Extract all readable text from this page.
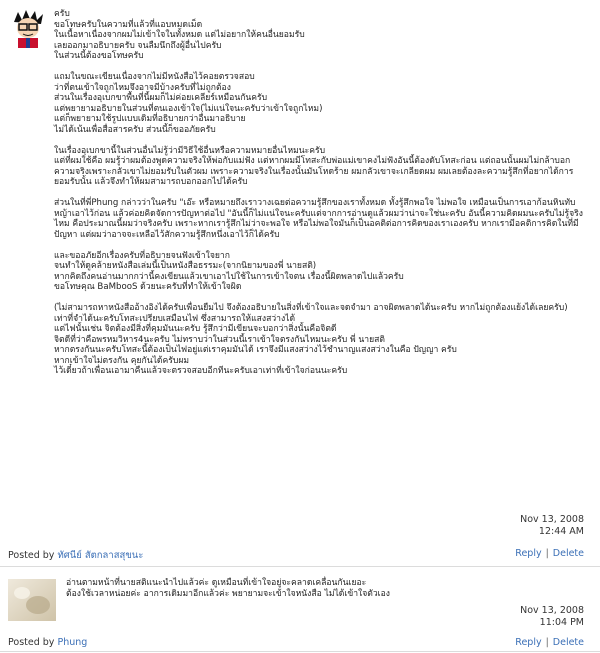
ครับ
ขอโทษครับในความที่แล้วที่แอบหมดเม็ด
ในเนื้อหาเนื่องจากผมไม่เข้าใจในทั้งหมด แต่ไม่อยากให้คนอื่นยอมรับ
เลยออกมาอธิบายครับ จนลืมนึกถึงผู้อื่นไปครับ
ในส่วนนี้ต้องขอโทษครับ

แถมในขณะเขียนเนื่องจากไม่มีหนังสือไว้คอยตรวจสอบ
ว่าที่ตนเข้าใจถูกไหมจึงอาจมีบ้างครับที่ไม่ถูกต้อง
ส่วนในเรื่องอุเบกขาพื้นที่นี้ผมก็ไม่ค่อยเคลียร์เหมือนกันครับ
แต่พยายามอธิบายในส่วนที่ตนเองเข้าใจ(ไม่แน่ใจนะครับว่าเข้าใจถูกไหม)
แต่ก็พยายามใช้รูปแบบเดิมที่อธิบายกว่าอื่นมาอธิบาย
ไม่ได้เน้นเพื่อสื่อสารครับ ส่วนนี้ก็ขออภัยครับ

ในเรื่องอุเบกขานี้ในส่วนอื่นไม่รู้ว่ามีวิธีใช้อื่นหรือความหมายอื่นไหมนะครับ
แต่ที่ผมใช้คือ ผมรู้ว่าผมต้องพูดความจริงให้พ่อกับแม่ฟัง แต่หากผมมีโทสะกับพ่อแม่เขาคงไม่ฟังอันนี้ต้องดับโทสะก่อน แต่ถอนนั้นผมไม่กล้าบอกความจริงเพราะกลัวเขาไม่ยอมรับในตัวผม เพราะความจริงในเรื่องนั้นมันโหดร้าย ผมกลัวเขาจะเกลียดผม ผมเลยต้องละความรู้สึกที่อยากได้การยอมรับนั้น แล้วจึงทำให้ผมสามารถบอกออกไปได้ครับ

ส่วนในที่พี่Phung กล่าวว่าในครับ "เอ๊ะ หรือหมายถึงเราวางเฉยต่อความรู้สึกของเราทั้งหมด ทั้งรู้สึกพอใจ ไม่พอใจ เหมือนเป็นการเอาก้อนหินทับหญ้าเอาไว้ก่อน แล้วค่อยคิดจัดการปัญหาต่อไป "อันนี้ก็ไม่แน่ใจนะครับแต่จากการอ่านดูแล้วผมว่าน่าจะใช่นะครับ อันนี้ความคิดผมนะครับไม่รู้จริงไหม คือประมาณนี้ผมว่าจริงครับ เพราะหากเรารู้สึกไม่ว่าจะพอใจ หรือไม่พอใจมันก็เป็นอคติต่อการคิดของเราเองครับ หากเรามีอคติการคิดในที่มีปัญหา แต่ผมว่าอาจจะเหลือไว้สักความรู้สึกหนึ่งเอาไว้ก็ได้ครับ

และขออภัยอีกเรื่องครับที่อธิบายจนฟังเข้าใจยาก
จนทำให้ดูคล้ายหนังสือเล่มนี้เป็นหนังสือธรรมะ(จากนิยามของพี่ นายสติ)
หากคิดถึงคนอ่านมากกว่านี้คงเขียนแล้วเขาเอาไปใช้ในการเข้าใจตน เรื่องนี้ผิดพลาดไปแล้วครับ
ขอโทษคุณ BaMbooS ด้วยนะครับที่ทำให้เข้าใจผิด

(ไม่สามารถหาหนังสืออ้างอิงได้ครับเพื่อนยืมไป จึงต้องอธิบายในสิ่งที่เข้าใจและจดจำมา อาจผิดพลาดได้นะครับ หากไม่ถูกต้องแย้งได้เลยครับ)
เท่าที่จำได้นะครับโทสะเปรียบเสมือนไฟ ซึ่งสามารถให้แสงสว่างได้
แต่ไฟนั้นเช่น จิตต้องมีสิ่งที่คุมมันนะครับ รู้สึกว่ามีเขียนจะบอกว่าสิ่งนั้นคือจิตดี
จิตดีที่ว่าคือพรหมวิหาร4นะครับ ไม่ทราบว่าในส่วนนี้เราเข้าใจตรงกันไหมนะครับ พี่ นายสติ
หากตรงกันนะครับโทสะนี้ต้องเป็นไฟอยู่แต่เราคุมมันได้ เราจึงมีแสงสว่างไว้ชำนาญแสงสว่างในคือ ปัญญา ครับ
หากเข้าใจไม่ตรงกัน คุยกันได้ครับผม
ไว้เดี๋ยวถ้าเพื่อนเอามาคืนแล้วจะตรวจสอบอีกทีนะครับเอาเท่าที่เข้าใจก่อนนะครับ

Nov 13, 2008
12:44 AM
Posted by ทัศนีย์ สัตกลาสสุขนะ	Reply | Delete
อ่านตามหน้าที่นายสติแนะนำไปแล้วค่ะ ดูเหมือนที่เข้าใจอยู่จะคลาดเคลื่อนกันเยอะ
ต้องใช้เวลาหน่อยค่ะ อาการเดิมมาอีกแล้วค่ะ พยายามจะเข้าใจหนังสือ ไม่ได้เข้าใจตัวเอง
Nov 13, 2008
11:04 PM
Posted by Phung	Reply | Delete
